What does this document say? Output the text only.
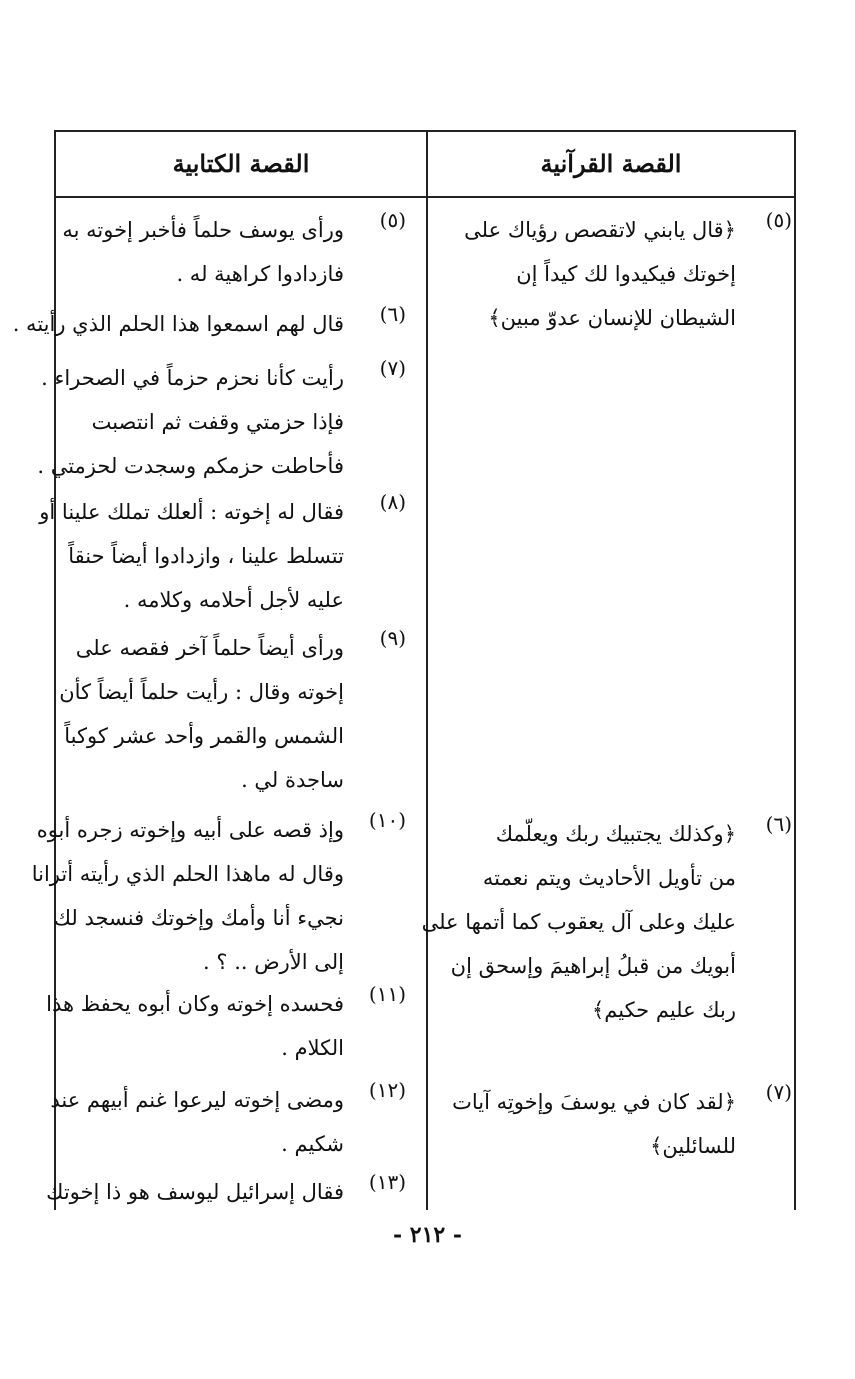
القصة الكتابية	القصة القرآنية
(٥)
﴿قال يابني لاتقصص رؤياك على
إخوتك فيكيدوا لك كيداً إن
الشيطان للإنسان عدوّ مبين﴾
(٦)
﴿وكذلك يجتبيك ربك ويعلّمك
من تأويل الأحاديث ويتم نعمته
عليك وعلى آل يعقوب كما أتمها على
أبويك من قبلُ إبراهيمَ وإسحق إن
ربك عليم حكيم﴾
(٧)
﴿لقد كان في يوسفَ وإخوتِه آيات
للسائلين﴾
(٥)
ورأى يوسف حلماً فأخبر إخوته به
فازدادوا كراهية له .
(٦)
قال لهم اسمعوا هذا الحلم الذي رأيته .
(٧)
رأيت كأنا نحزم حزماً في الصحراء .
فإذا حزمتي وقفت ثم انتصبت
فأحاطت حزمكم وسجدت لحزمتي .
(٨)
فقال له إخوته : ألعلك تملك علينا أو
تتسلط علينا ، وازدادوا أيضاً حنقاً
عليه لأجل أحلامه وكلامه .
(٩)
ورأى أيضاً حلماً آخر فقصه على
إخوته وقال : رأيت حلماً أيضاً كأن
الشمس والقمر وأحد عشر كوكباً
ساجدة لي .
(١٠)
وإذ قصه على أبيه وإخوته زجره أبوه
وقال له ماهذا الحلم الذي رأيته أترانا
نجيء أنا وأمك وإخوتك فنسجد لك
إلى الأرض .. ؟ .
(١١)
فحسده إخوته وكان أبوه يحفظ هذا
الكلام .
(١٢)
ومضى إخوته ليرعوا غنم أبيهم عند
شكيم .
(١٣)
فقال إسرائيل ليوسف هو ذا إخوتك
- ٢١٢ -
